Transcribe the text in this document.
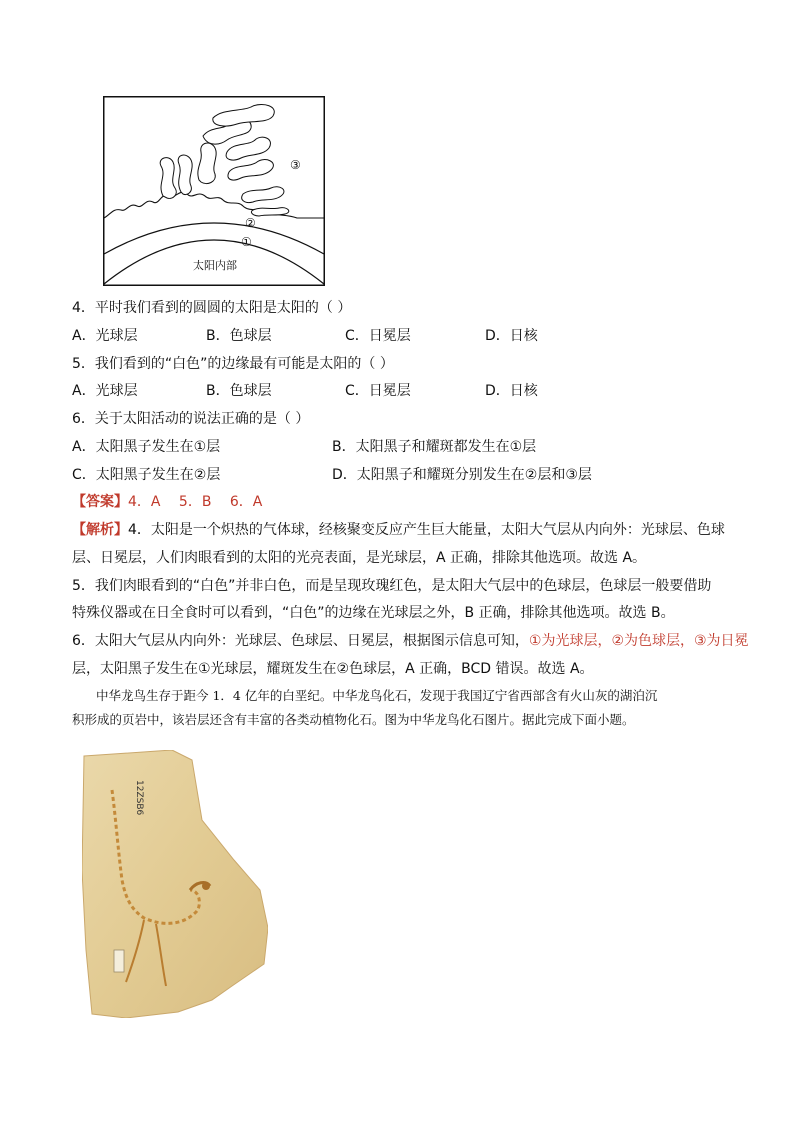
③
②
①
太阳内部
4．平时我们看到的圆圆的太阳是太阳的（ ）
A．光球层	B．色球层	C．日冕层	D．日核
5．我们看到的“白色”的边缘最有可能是太阳的（ ）
A．光球层	B．色球层	C．日冕层	D．日核
6．关于太阳活动的说法正确的是（ ）
A．太阳黑子发生在①层	B．太阳黑子和耀斑都发生在①层
C．太阳黑子发生在②层	D．太阳黑子和耀斑分别发生在②层和③层
【答案】4．A　 5．B　 6．A
【解析】4．太阳是一个炽热的气体球，经核聚变反应产生巨大能量，太阳大气层从内向外：光球层、色球
层、日冕层，人们肉眼看到的太阳的光亮表面，是光球层，A 正确，排除其他选项。故选 A。
5．我们肉眼看到的“白色”并非白色，而是呈现玫瑰红色，是太阳大气层中的色球层，色球层一般要借助
特殊仪器或在日全食时可以看到，“白色”的边缘在光球层之外，B 正确，排除其他选项。故选 B。
6．太阳大气层从内向外：光球层、色球层、日冕层，根据图示信息可知，①为光球层，②为色球层，③为日冕
层，太阳黑子发生在①光球层，耀斑发生在②色球层，A 正确，BCD 错误。故选 A。
中华龙鸟生存于距今 1．4 亿年的白垩纪。中华龙鸟化石，发现于我国辽宁省西部含有火山灰的湖泊沉
积形成的页岩中，该岩层还含有丰富的各类动植物化石。图为中华龙鸟化石图片。据此完成下面小题。
12ZSB6
